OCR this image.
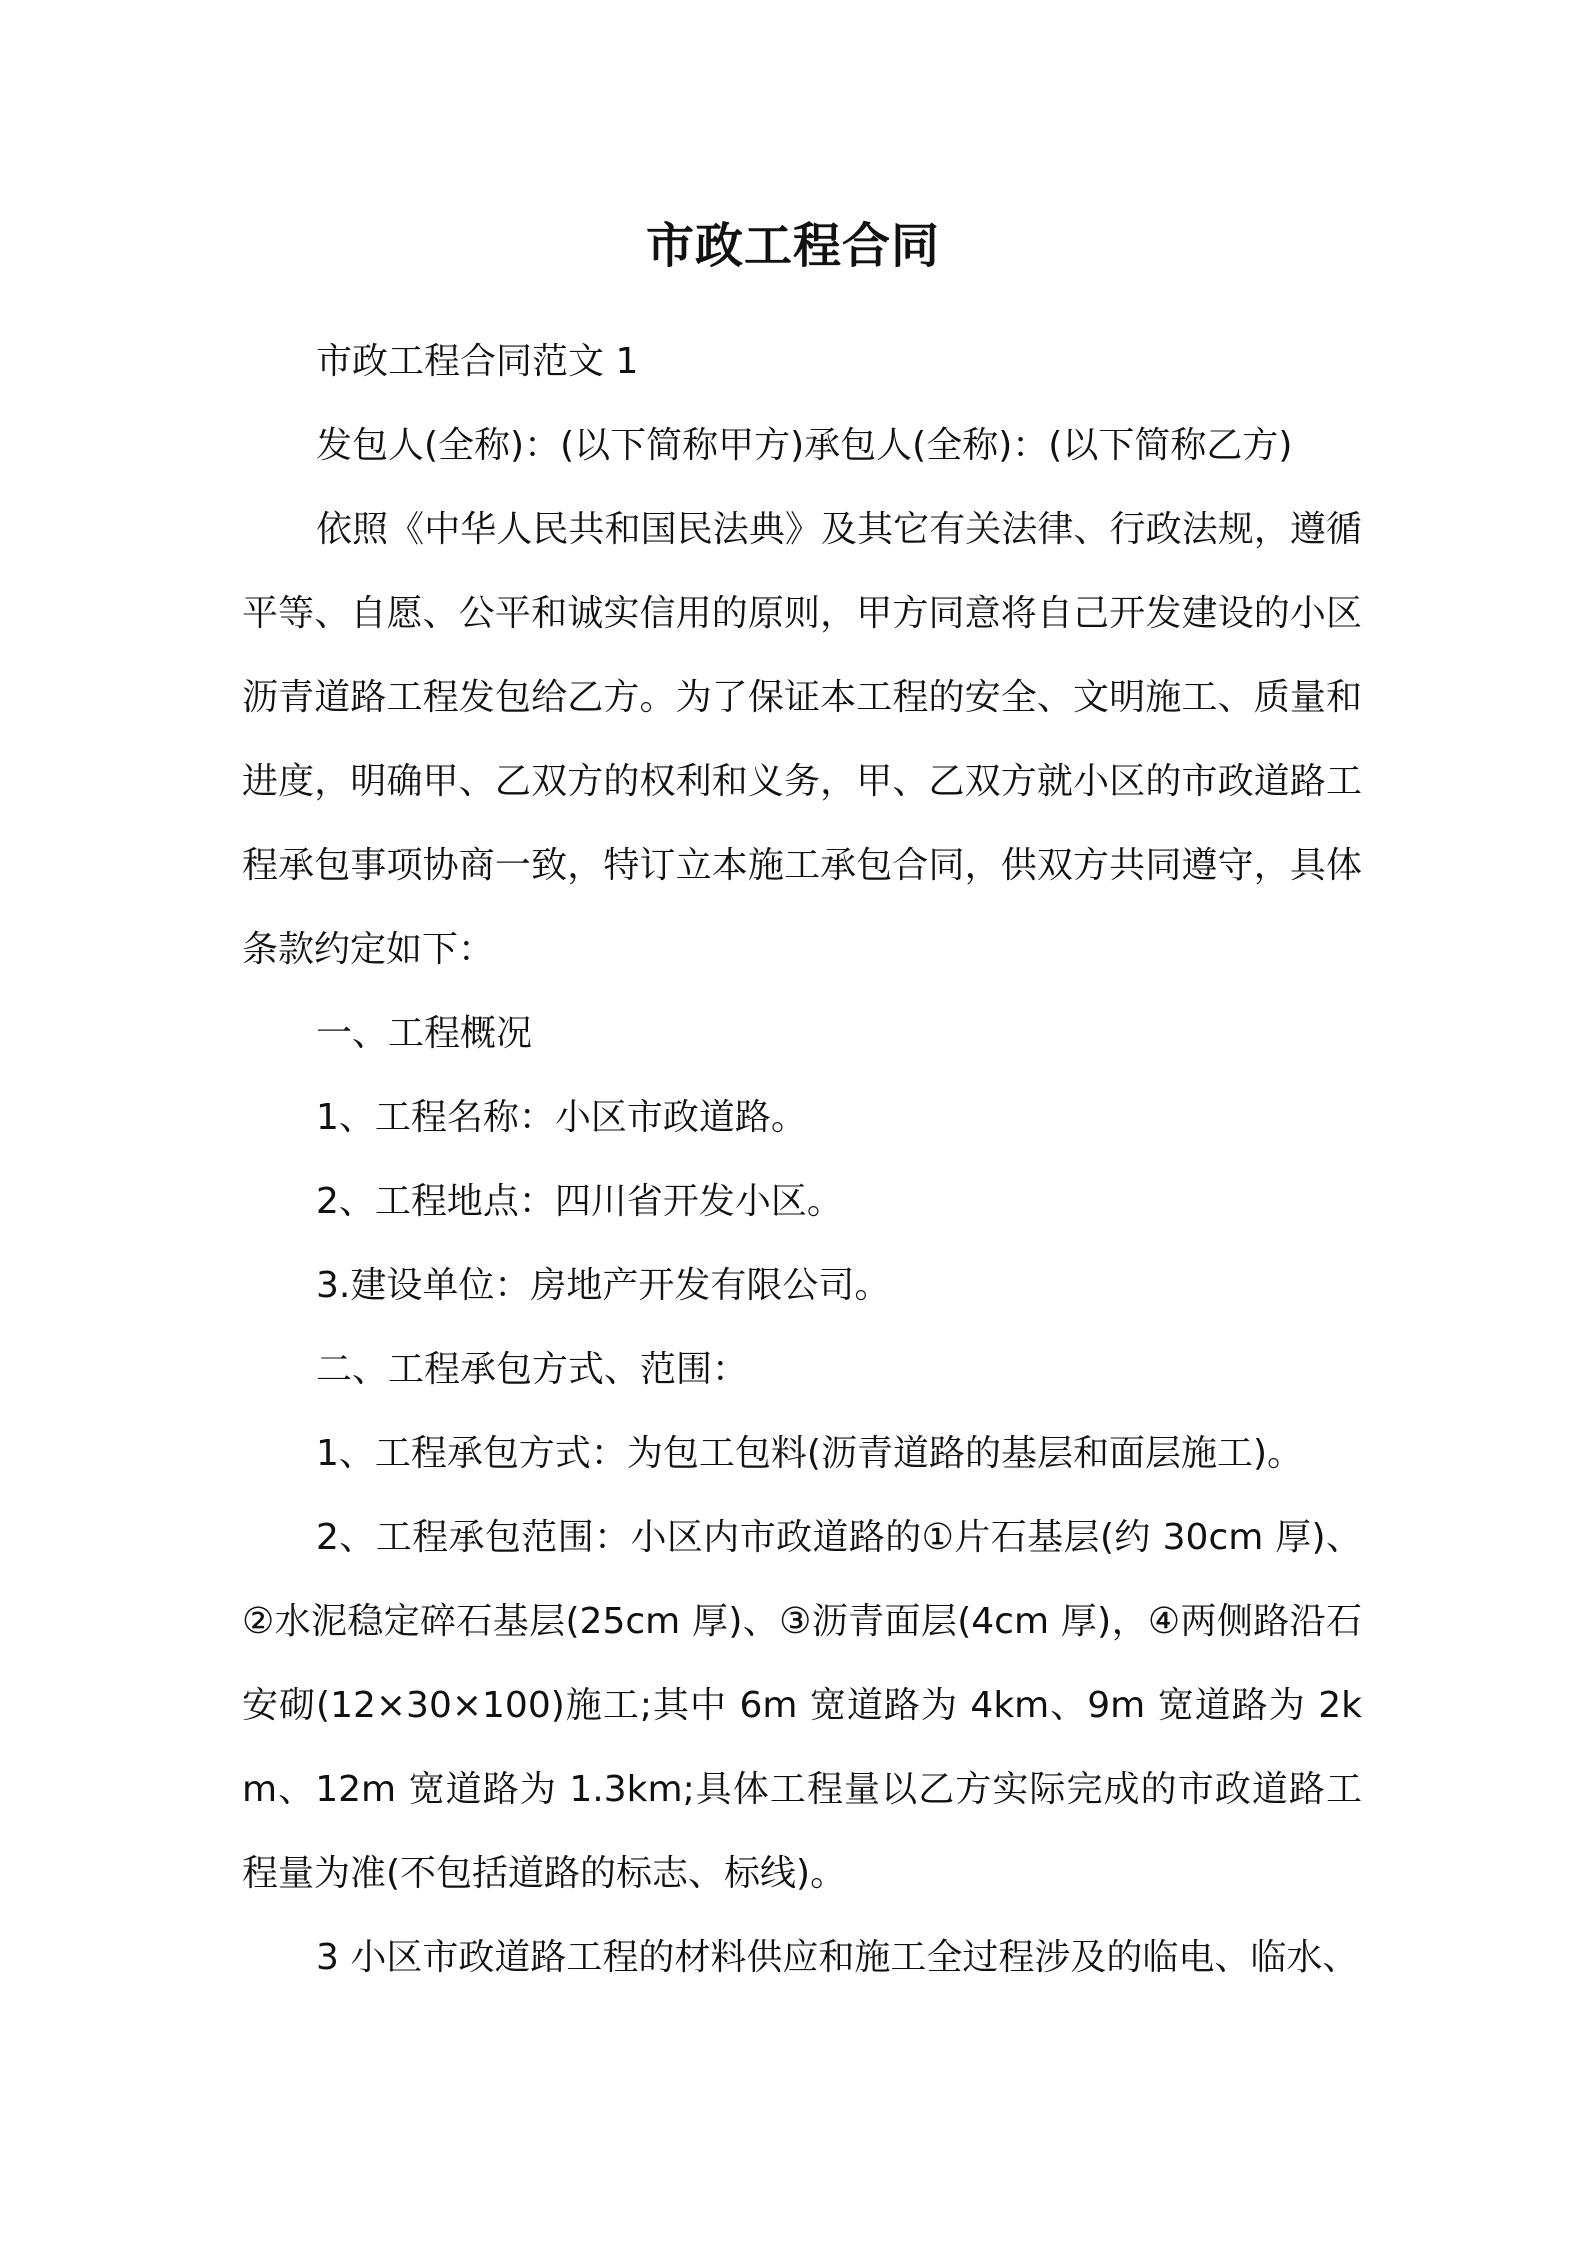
市政工程合同

市政工程合同范文 1

发包人(全称)：(以下简称甲方)承包人(全称)：(以下简称乙方)

依照《中华人民共和国民法典》及其它有关法律、行政法规，遵循平等、自愿、公平和诚实信用的原则，甲方同意将自己开发建设的小区沥青道路工程发包给乙方。为了保证本工程的安全、文明施工、质量和进度，明确甲、乙双方的权利和义务，甲、乙双方就小区的市政道路工程承包事项协商一致，特订立本施工承包合同，供双方共同遵守，具体条款约定如下：

一、工程概况

1、工程名称：小区市政道路。

2、工程地点：四川省开发小区。

3.建设单位：房地产开发有限公司。

二、工程承包方式、范围：

1、工程承包方式：为包工包料(沥青道路的基层和面层施工)。

2、工程承包范围：小区内市政道路的①片石基层(约 30cm 厚)、②水泥稳定碎石基层(25cm 厚)、③沥青面层(4cm 厚)，④两侧路沿石安砌(12×30×100)施工;其中 6m 宽道路为 4km、9m 宽道路为 2km、12m 宽道路为 1.3km;具体工程量以乙方实际完成的市政道路工程量为准(不包括道路的标志、标线)。

3 小区市政道路工程的材料供应和施工全过程涉及的临电、临水、
